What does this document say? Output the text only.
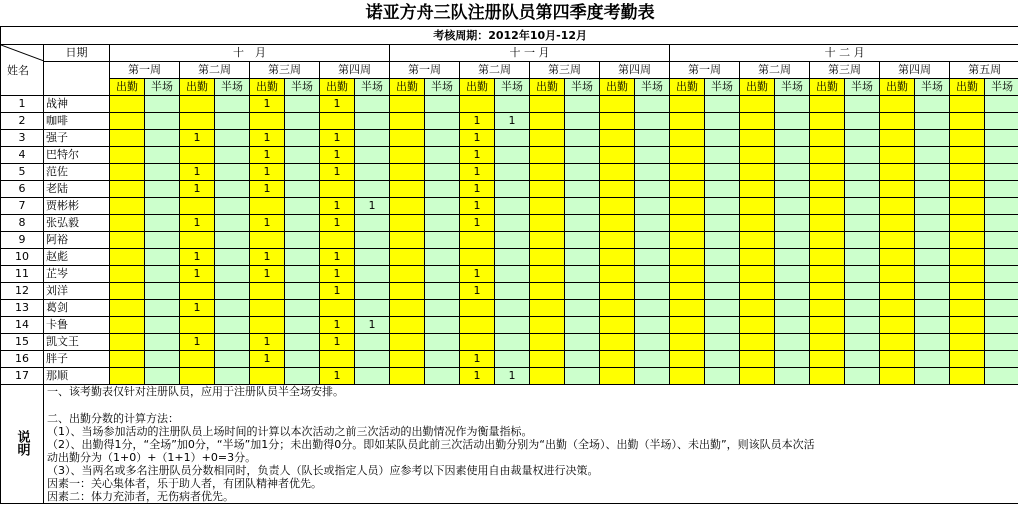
诺亚方舟三队注册队员第四季度考勤表																											
考核周期：2012年10月-12月																											

姓名	日期	十　月								十 一 月								十 二 月									
		第一周		第二周		第三周		第四周		第一周		第二周		第三周		第四周		第一周		第二周		第三周		第四周		第五周	
		出勤	半场	出勤	半场	出勤	半场	出勤	半场	出勤	半场	出勤	半场	出勤	半场	出勤	半场	出勤	半场	出勤	半场	出勤	半场	出勤	半场	出勤	半场
1	战神					1		1																			
2	咖啡											1	1														
3	强子			1		1		1				1															
4	巴特尔					1		1				1															
5	范佐			1		1		1				1															
6	老陆			1		1						1															
7	贾彬彬							1	1			1															
8	张弘毅			1		1		1				1															
9	阿裕																										
10	赵彪			1		1		1																			
11	芷岑			1		1		1				1															
12	刘洋							1				1															
13	葛剑			1																							
14	卡鲁							1	1																		
15	凯文王			1		1		1																			
16	胖子					1						1															
17	那顺							1				1	1														
说明	一、该考勤表仅针对注册队员，应用于注册队员半全场安排。																										

	二、出勤分数的计算方法：																										
	（1）、当场参加活动的注册队员上场时间的计算以本次活动之前三次活动的出勤情况作为衡量指标。																										
	（2）、出勤得1分，“全场”加0分，“半场”加1分；未出勤得0分。即如某队员此前三次活动出勤分别为“出勤（全场）、出勤（半场）、未出勤”，则该队员本次活																										
	动出勤分为（1+0）+（1+1）+0=3分。																										
	（3）、当两名或多名注册队员分数相同时，负责人（队长或指定人员）应参考以下因素使用自由裁量权进行决策。																										
	因素一：关心集体者，乐于助人者，有团队精神者优先。																										
	因素二：体力充沛者，无伤病者优先。																										
